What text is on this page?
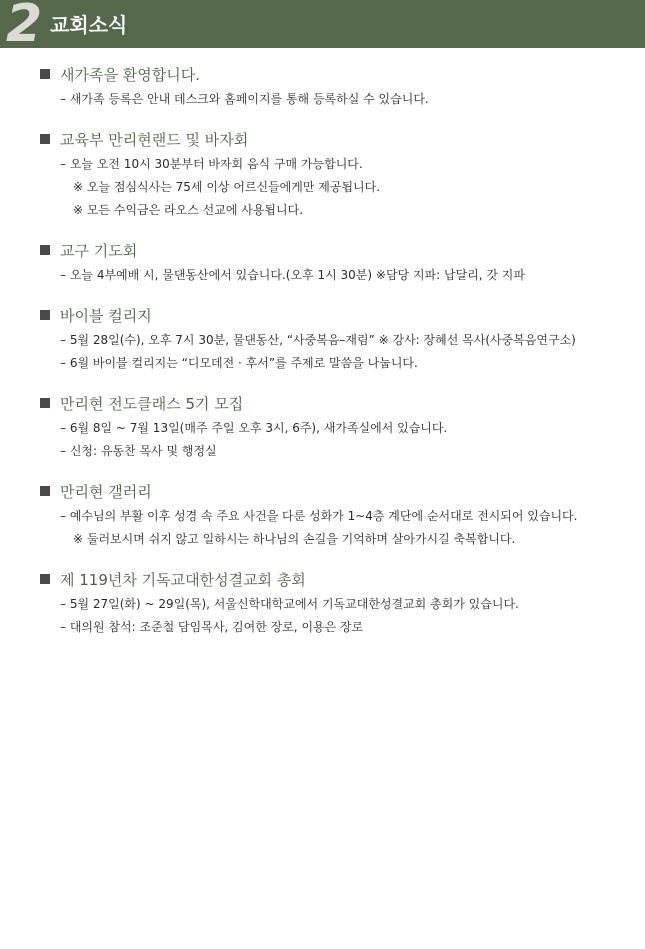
2 교회소식
새가족을 환영합니다.
– 새가족 등록은 안내 데스크와 홈페이지를 통해 등록하실 수 있습니다.
교육부 만리현랜드 및 바자회
– 오늘 오전 10시 30분부터 바자회 음식 구매 가능합니다.
※ 오늘 점심식사는 75세 이상 어르신들에게만 제공됩니다.
※ 모든 수익금은 라오스 선교에 사용됩니다.
교구 기도회
– 오늘 4부예배 시, 물댄동산에서 있습니다.(오후 1시 30분) ※담당 지파: 납달리, 갓 지파
바이블 컬리지
– 5월 28일(수), 오후 7시 30분, 물댄동산, “사중복음–재림” ※ 강사: 장혜선 목사(사중복음연구소)
– 6월 바이블 컬리지는 “디모데전 · 후서”를 주제로 말씀을 나눕니다.
만리현 전도클래스 5기 모집
– 6월 8일 ~ 7월 13일(매주 주일 오후 3시, 6주), 새가족실에서 있습니다.
– 신청: 유동찬 목사 및 행정실
만리현 갤러리
– 예수님의 부활 이후 성경 속 주요 사건을 다룬 성화가 1~4층 계단에 순서대로 전시되어 있습니다.
※ 둘러보시며 쉬지 않고 일하시는 하나님의 손길을 기억하며 살아가시길 축복합니다.
제 119년차 기독교대한성결교회 총회
– 5월 27일(화) ~ 29일(목), 서울신학대학교에서 기독교대한성결교회 총회가 있습니다.
– 대의원 참석: 조준철 담임목사, 김여한 장로, 이용은 장로
